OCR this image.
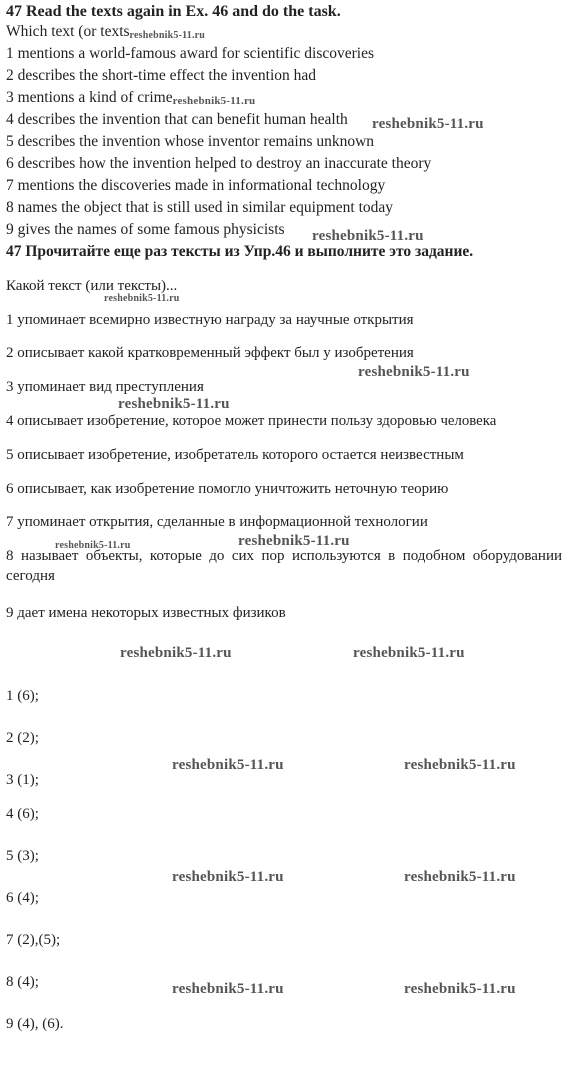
47 Read the texts again in Ex. 46 and do the task.
Which text (or textsreshebnik5-11.ru
1 mentions a world-famous award for scientific discoveries
2 describes the short-time effect the invention had
3 mentions a kind of crimereshebnik5-11.ru
4 describes the invention that can benefit human health
5 describes the invention whose inventor remains unknown
6 describes how the invention helped to destroy an inaccurate theory
7 mentions the discoveries made in informational technology
8 names the object that is still used in similar equipment today
9 gives the names of some famous physicists
reshebnik5-11.ru
reshebnik5-11.ru
47 Прочитайте еще раз тексты из Упр.46 и выполните это задание.
Какой текст (или тексты)...
reshebnik5-11.ru
1 упоминает всемирно известную награду за научные открытия
2 описывает какой кратковременный эффект был у изобретения
reshebnik5-11.ru
3 упоминает вид преступления
reshebnik5-11.ru
4 описывает изобретение, которое может принести пользу здоровью человека
5 описывает изобретение, изобретатель которого остается неизвестным
6 описывает, как изобретение помогло уничтожить неточную теорию
7 упоминает открытия, сделанные в информационной технологии
reshebnik5-11.ru	reshebnik5-11.ru
8 называет объекты, которые до сих пор используются в подобном оборудовании сегодня
9 дает имена некоторых известных физиков
reshebnik5-11.ru	reshebnik5-11.ru
1 (6);
2 (2);
3 (1);
4 (6);
5 (3);
6 (4);
7 (2),(5);
8 (4);
9 (4), (6).
reshebnik5-11.ru	reshebnik5-11.ru
reshebnik5-11.ru	reshebnik5-11.ru
reshebnik5-11.ru	reshebnik5-11.ru
